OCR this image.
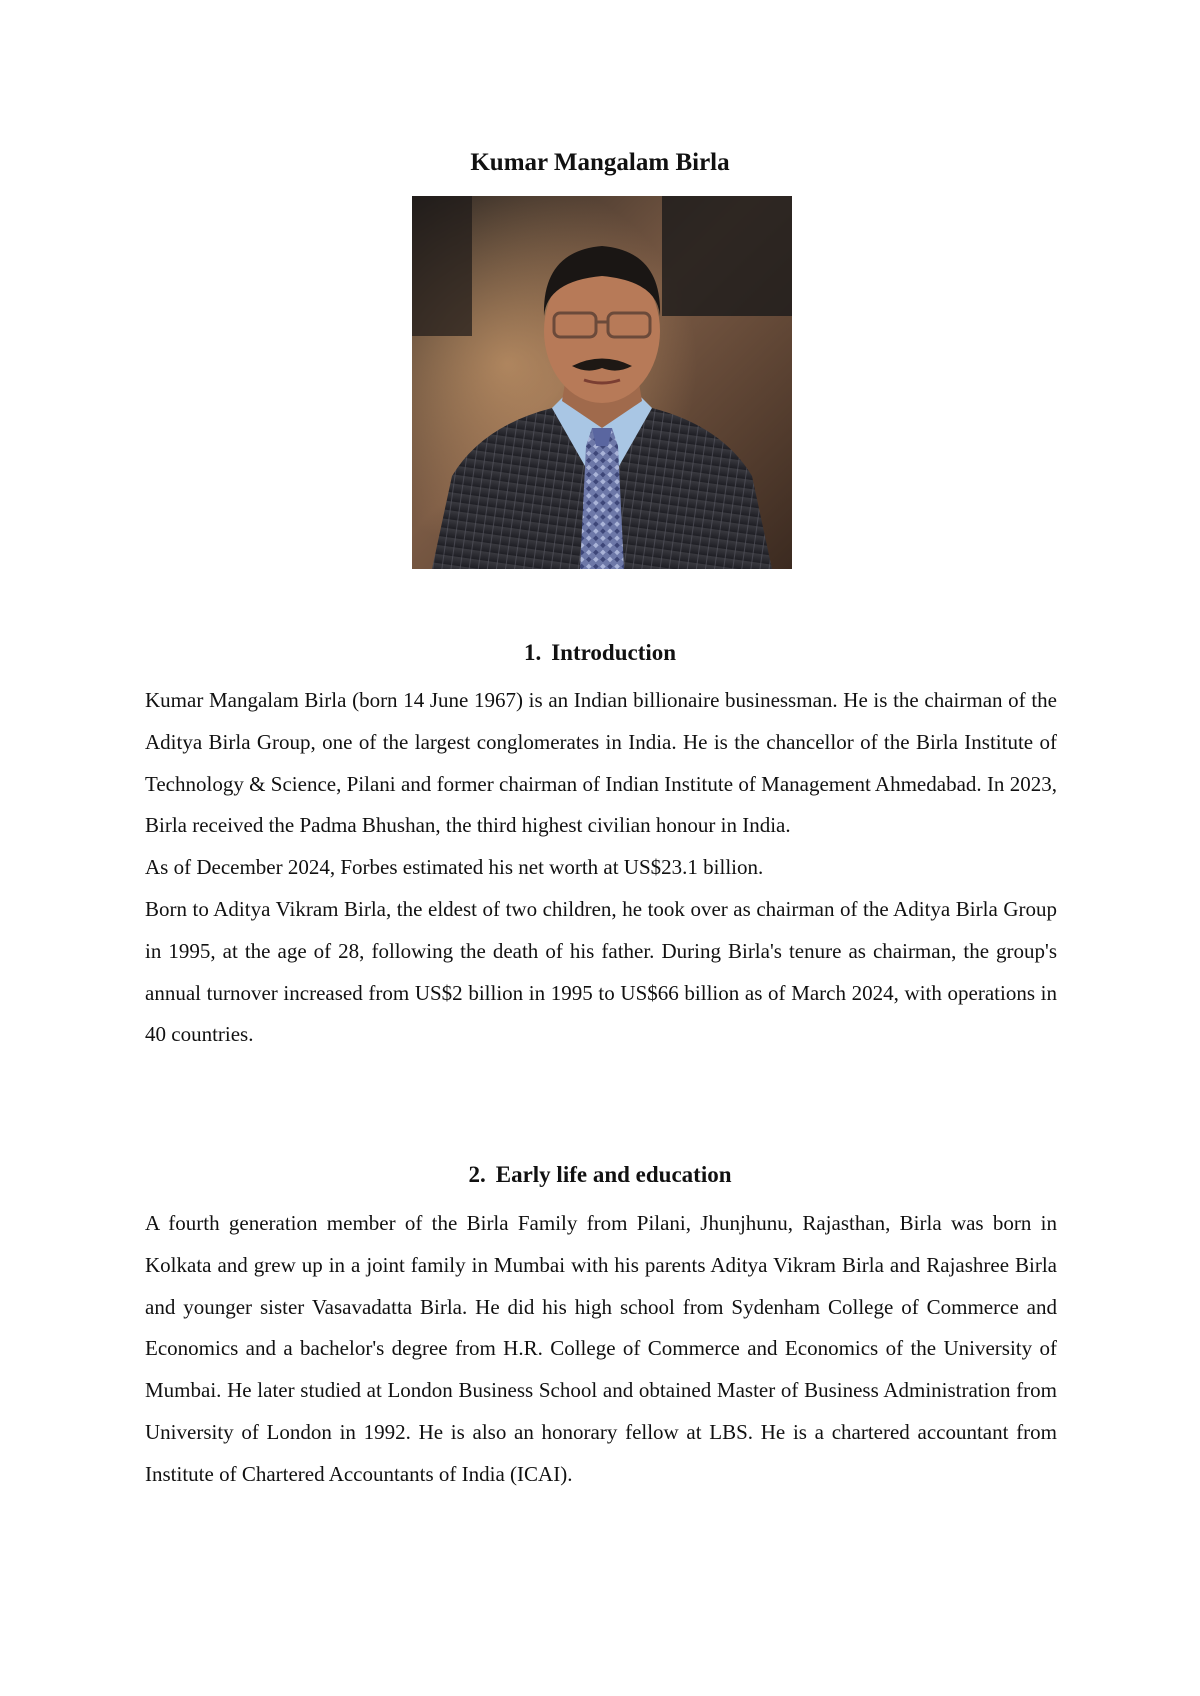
Kumar Mangalam Birla
1. Introduction

Kumar Mangalam Birla (born 14 June 1967) is an Indian billionaire businessman. He is the chairman of the Aditya Birla Group, one of the largest conglomerates in India. He is the chancellor of the Birla Institute of Technology & Science, Pilani and former chairman of Indian Institute of Management Ahmedabad. In 2023, Birla received the Padma Bhushan, the third highest civilian honour in India.

As of December 2024, Forbes estimated his net worth at US$23.1 billion.

Born to Aditya Vikram Birla, the eldest of two children, he took over as chairman of the Aditya Birla Group in 1995, at the age of 28, following the death of his father. During Birla's tenure as chairman, the group's annual turnover increased from US$2 billion in 1995 to US$66 billion as of March 2024, with operations in 40 countries.

2. Early life and education

A fourth generation member of the Birla Family from Pilani, Jhunjhunu, Rajasthan, Birla was born in Kolkata and grew up in a joint family in Mumbai with his parents Aditya Vikram Birla and Rajashree Birla and younger sister Vasavadatta Birla. He did his high school from Sydenham College of Commerce and Economics and a bachelor's degree from H.R. College of Commerce and Economics of the University of Mumbai. He later studied at London Business School and obtained Master of Business Administration from University of London in 1992. He is also an honorary fellow at LBS. He is a chartered accountant from Institute of Chartered Accountants of India (ICAI).
